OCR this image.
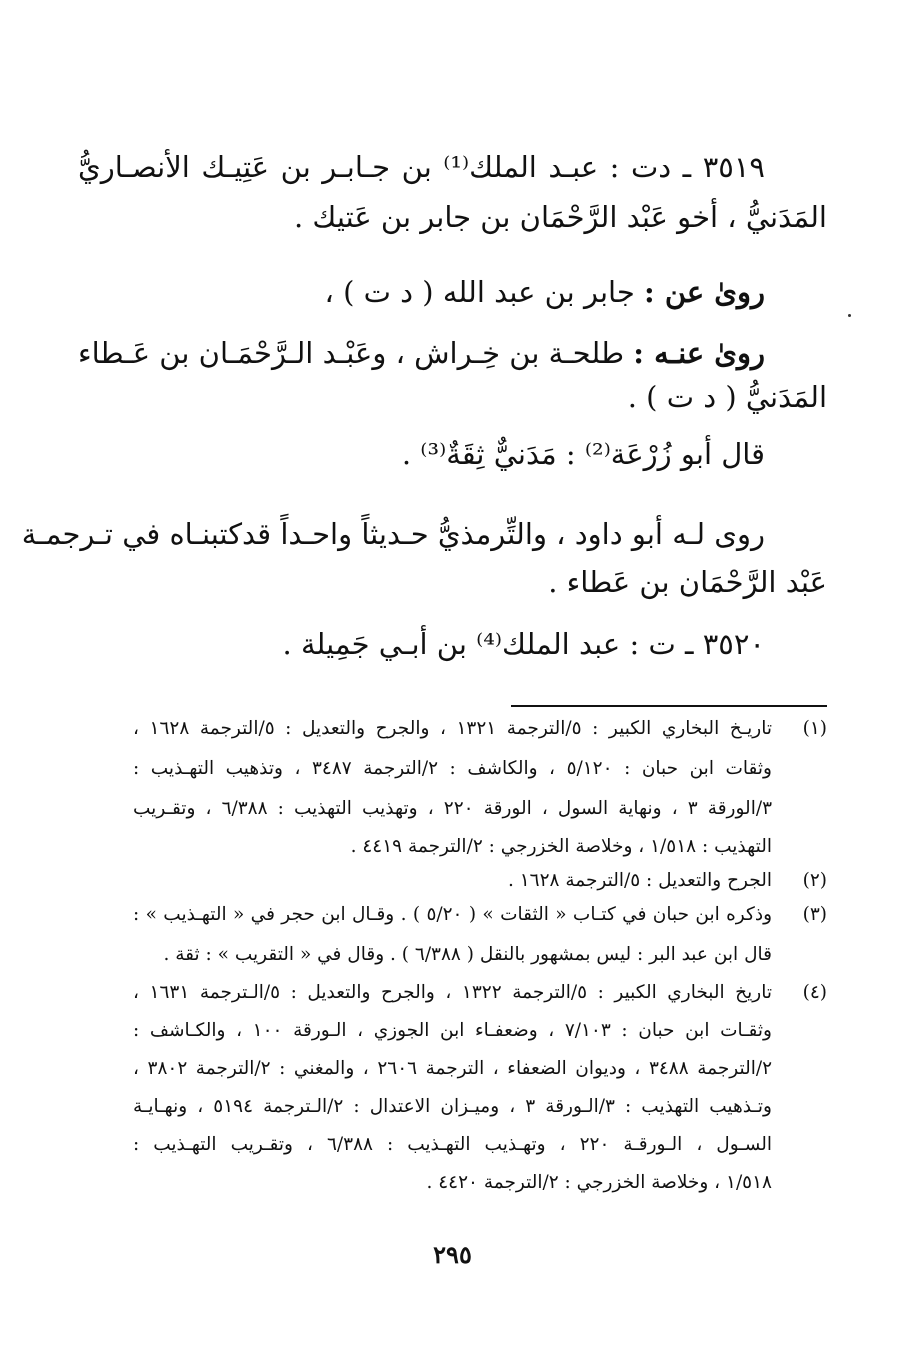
٣٥١٩ ـ دت : عبـد الملك⁽¹⁾ بن جـابـر بن عَتِيـك الأنصـاريُّ
المَدَنيُّ ، أخو عَبْد الرَّحْمَان بن جابر بن عَتيك .
روىٰ عن : جابر بن عبد الله ( د ت ) ،
روىٰ عنـه : طلحـة بن خِـراش ، وعَبْـد الـرَّحْمَـان بن عَـطاء
المَدَنيُّ ( د ت ) .
قال أبو زُرْعَة⁽²⁾ : مَدَنيٌّ ثِقَةٌ⁽³⁾ .
روى لـه أبو داود ، والتِّرمذيُّ حـديثاً واحـداً قدكتبنـاه في تـرجمـة
عَبْد الرَّحْمَان بن عَطاء .
٣٥٢٠ ـ ت : عبد الملك⁽⁴⁾ بن أبـي جَمِيلة .
(١)
تاريـخ البخاري الكبير : ٥/الترجمة ١٣٢١ ، والجرح والتعديل : ٥/الترجمة ١٦٢٨ ،
وثقات ابن حبان : ٥/١٢٠ ، والكاشف : ٢/الترجمة ٣٤٨٧ ، وتذهيب التهـذيب :
٣/الورقة ٣ ، ونهاية السول ، الورقة ٢٢٠ ، وتهذيب التهذيب : ٦/٣٨٨ ، وتقـريب
التهذيب : ١/٥١٨ ، وخلاصة الخزرجي : ٢/الترجمة ٤٤١٩ .
(٢)
الجرح والتعديل : ٥/الترجمة ١٦٢٨ .
(٣)
وذكره ابن حبان في كتـاب « الثقات » ( ٥/٢٠ ) . وقـال ابن حجر في « التهـذيب » :
قال ابن عبد البر : ليس بمشهور بالنقل ( ٦/٣٨٨ ) . وقال في « التقريب » : ثقة .
(٤)
تاريخ البخاري الكبير : ٥/الترجمة ١٣٢٢ ، والجرح والتعديل : ٥/الـترجمة ١٦٣١ ،
وثقـات ابن حبان : ٧/١٠٣ ، وضعفـاء ابن الجوزي ، الـورقة ١٠٠ ، والكـاشف :
٢/الترجمة ٣٤٨٨ ، وديوان الضعفاء ، الترجمة ٢٦٠٦ ، والمغني : ٢/الترجمة ٣٨٠٢ ،
وتـذهيب التهذيب : ٣/الـورقة ٣ ، وميـزان الاعتدال : ٢/الـترجمة ٥١٩٤ ، ونهـايـة
السـول ، الـورقـة ٢٢٠ ، وتهـذيب التهـذيب : ٦/٣٨٨ ، وتقـريب التهـذيب :
١/٥١٨ ، وخلاصة الخزرجي : ٢/الترجمة ٤٤٢٠ .
٢٩٥
